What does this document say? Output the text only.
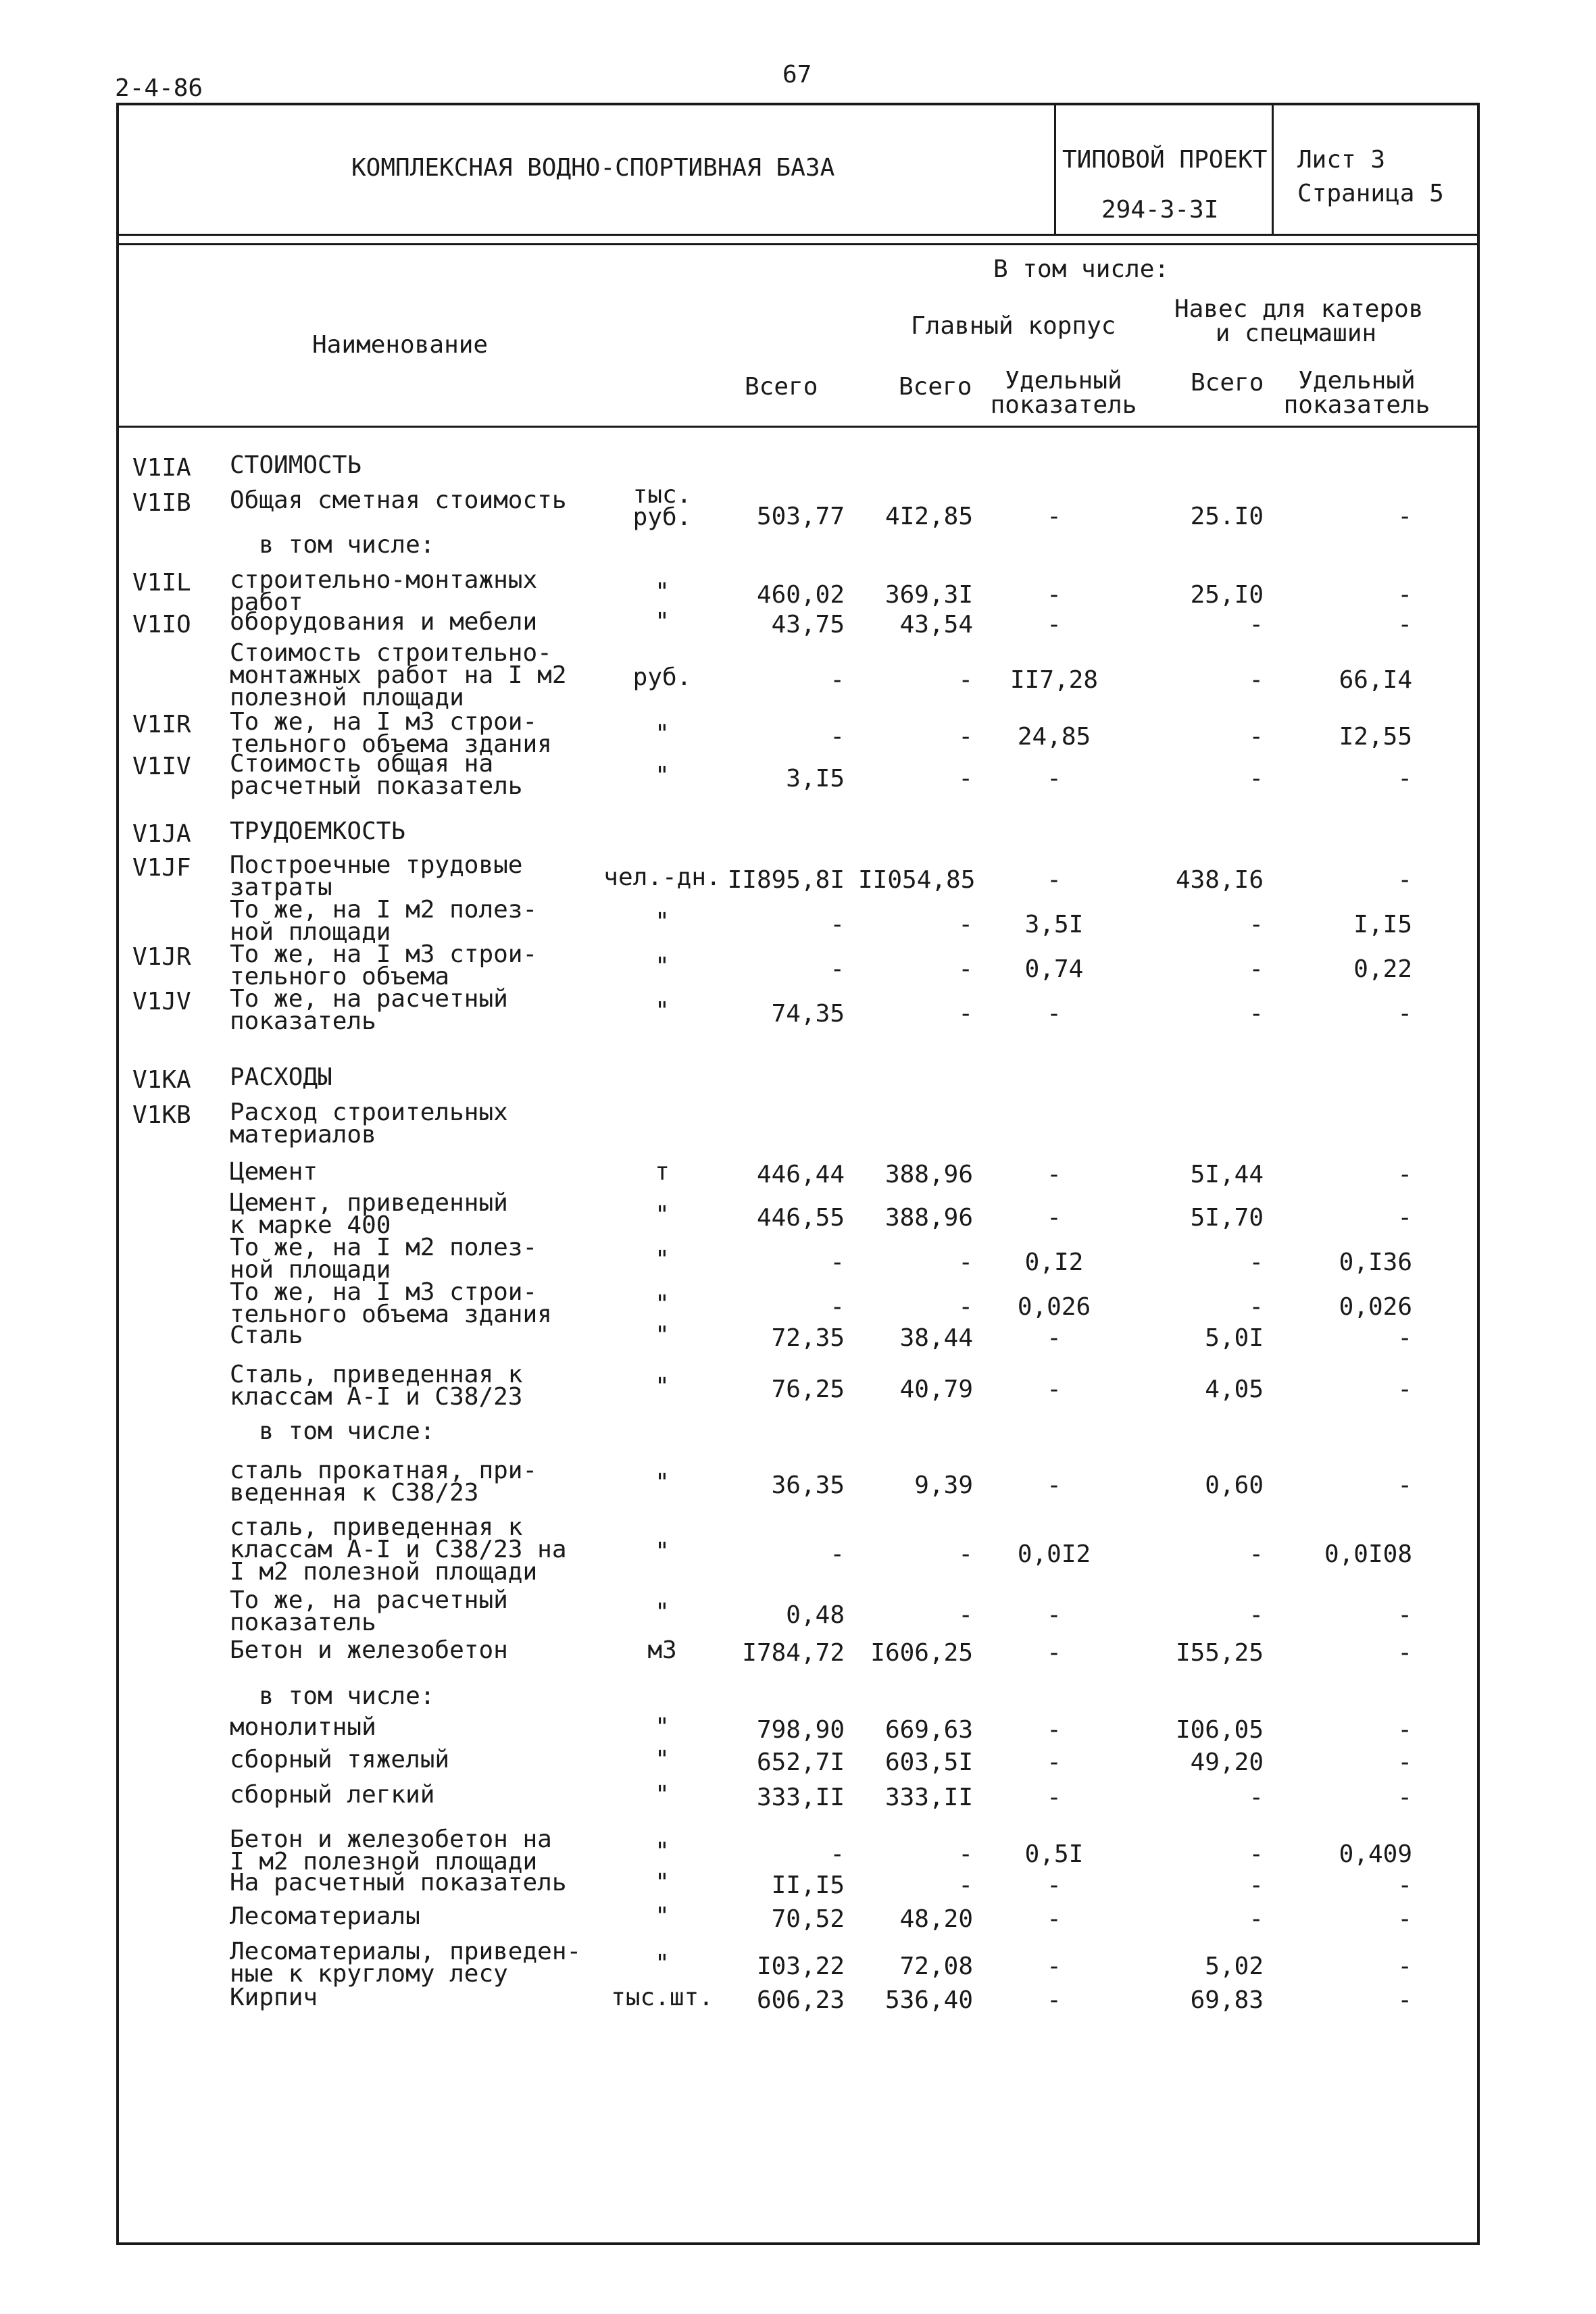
2-4-86	67
КОМПЛЕКСНАЯ ВОДНО-СПОРТИВНАЯ БАЗА	ТИПОВОЙ ПРОЕКТ
294-3-3I
Лист 3
Страница 5
Наименование
В том числе:
Главный корпус
Навес для катеров
и спецмашин
Всего	Всего	Удельный
показатель
Всего	Удельный
показатель
V1IA	СТОИМОСТЬ
V1IB	Общая сметная стоимость	тыс.
руб.	503,77	4I2,85	-	25.I0	-
в том числе:
V1IL	строительно-монтажных
работ	"	460,02	369,3I	-	25,I0	-
V1IO	оборудования и мебели	"	43,75	43,54	-	-	-
Стоимость строительно-
монтажных работ на I м2
полезной площади
руб.	-	-	II7,28	-	66,I4
V1IR	То же, на I м3 строи-
тельного объема здания	"	-	-	24,85	-	I2,55
V1IV	Стоимость общая на
расчетный показатель	"	3,I5	-	-	-	-
V1JA	ТРУДОЕМКОСТЬ
V1JF	Построечные трудовые
затраты	чел.-дн. II895,8I II054,85	-	438,I6	-
То же, на I м2 полез-
ной площади	"	-	-	3,5I	-	I,I5
V1JR	То же, на I м3 строи-
тельного объема	"	-	-	0,74	-	0,22
V1JV	То же, на расчетный
показатель	"	74,35	-	-	-	-
V1KA	РАСХОДЫ
V1KB	Расход строительных
материалов
Цемент	т	446,44	388,96	-	5I,44	-
Цемент, приведенный
к марке 400	"	446,55	388,96	-	5I,70	-
То же, на I м2 полез-
ной площади	"	-	-	0,I2	-	0,I36
То же, на I м3 строи-
тельного объема здания	"	-	-	0,026	-	0,026
Сталь	"	72,35	38,44	-	5,0I	-
Сталь, приведенная к
классам А-I и С38/23	"	76,25	40,79	-	4,05	-
в том числе:
сталь прокатная, при-
веденная к С38/23	"	36,35	9,39	-	0,60	-
сталь, приведенная к
классам А-I и С38/23 на
I м2 полезной площади
"	-	-	0,0I2	-	0,0I08
То же, на расчетный
показатель	"	0,48	-	-	-	-
Бетон и железобетон	м3	I784,72	I606,25	-	I55,25	-
в том числе:
монолитный	"	798,90	669,63	-	I06,05	-
сборный тяжелый	"	652,7I	603,5I	-	49,20	-
сборный легкий	"	333,II	333,II	-	-	-
Бетон и железобетон на
I м2 полезной площади	"	-	-	0,5I	-	0,409
На расчетный показатель	"	II,I5	-	-	-	-
Лесоматериалы	"	70,52	48,20	-	-	-
Лесоматериалы, приведен-
ные к круглому лесу	"	I03,22	72,08	-	5,02	-
Кирпич	тыс.шт.	606,23	536,40	-	69,83	-
